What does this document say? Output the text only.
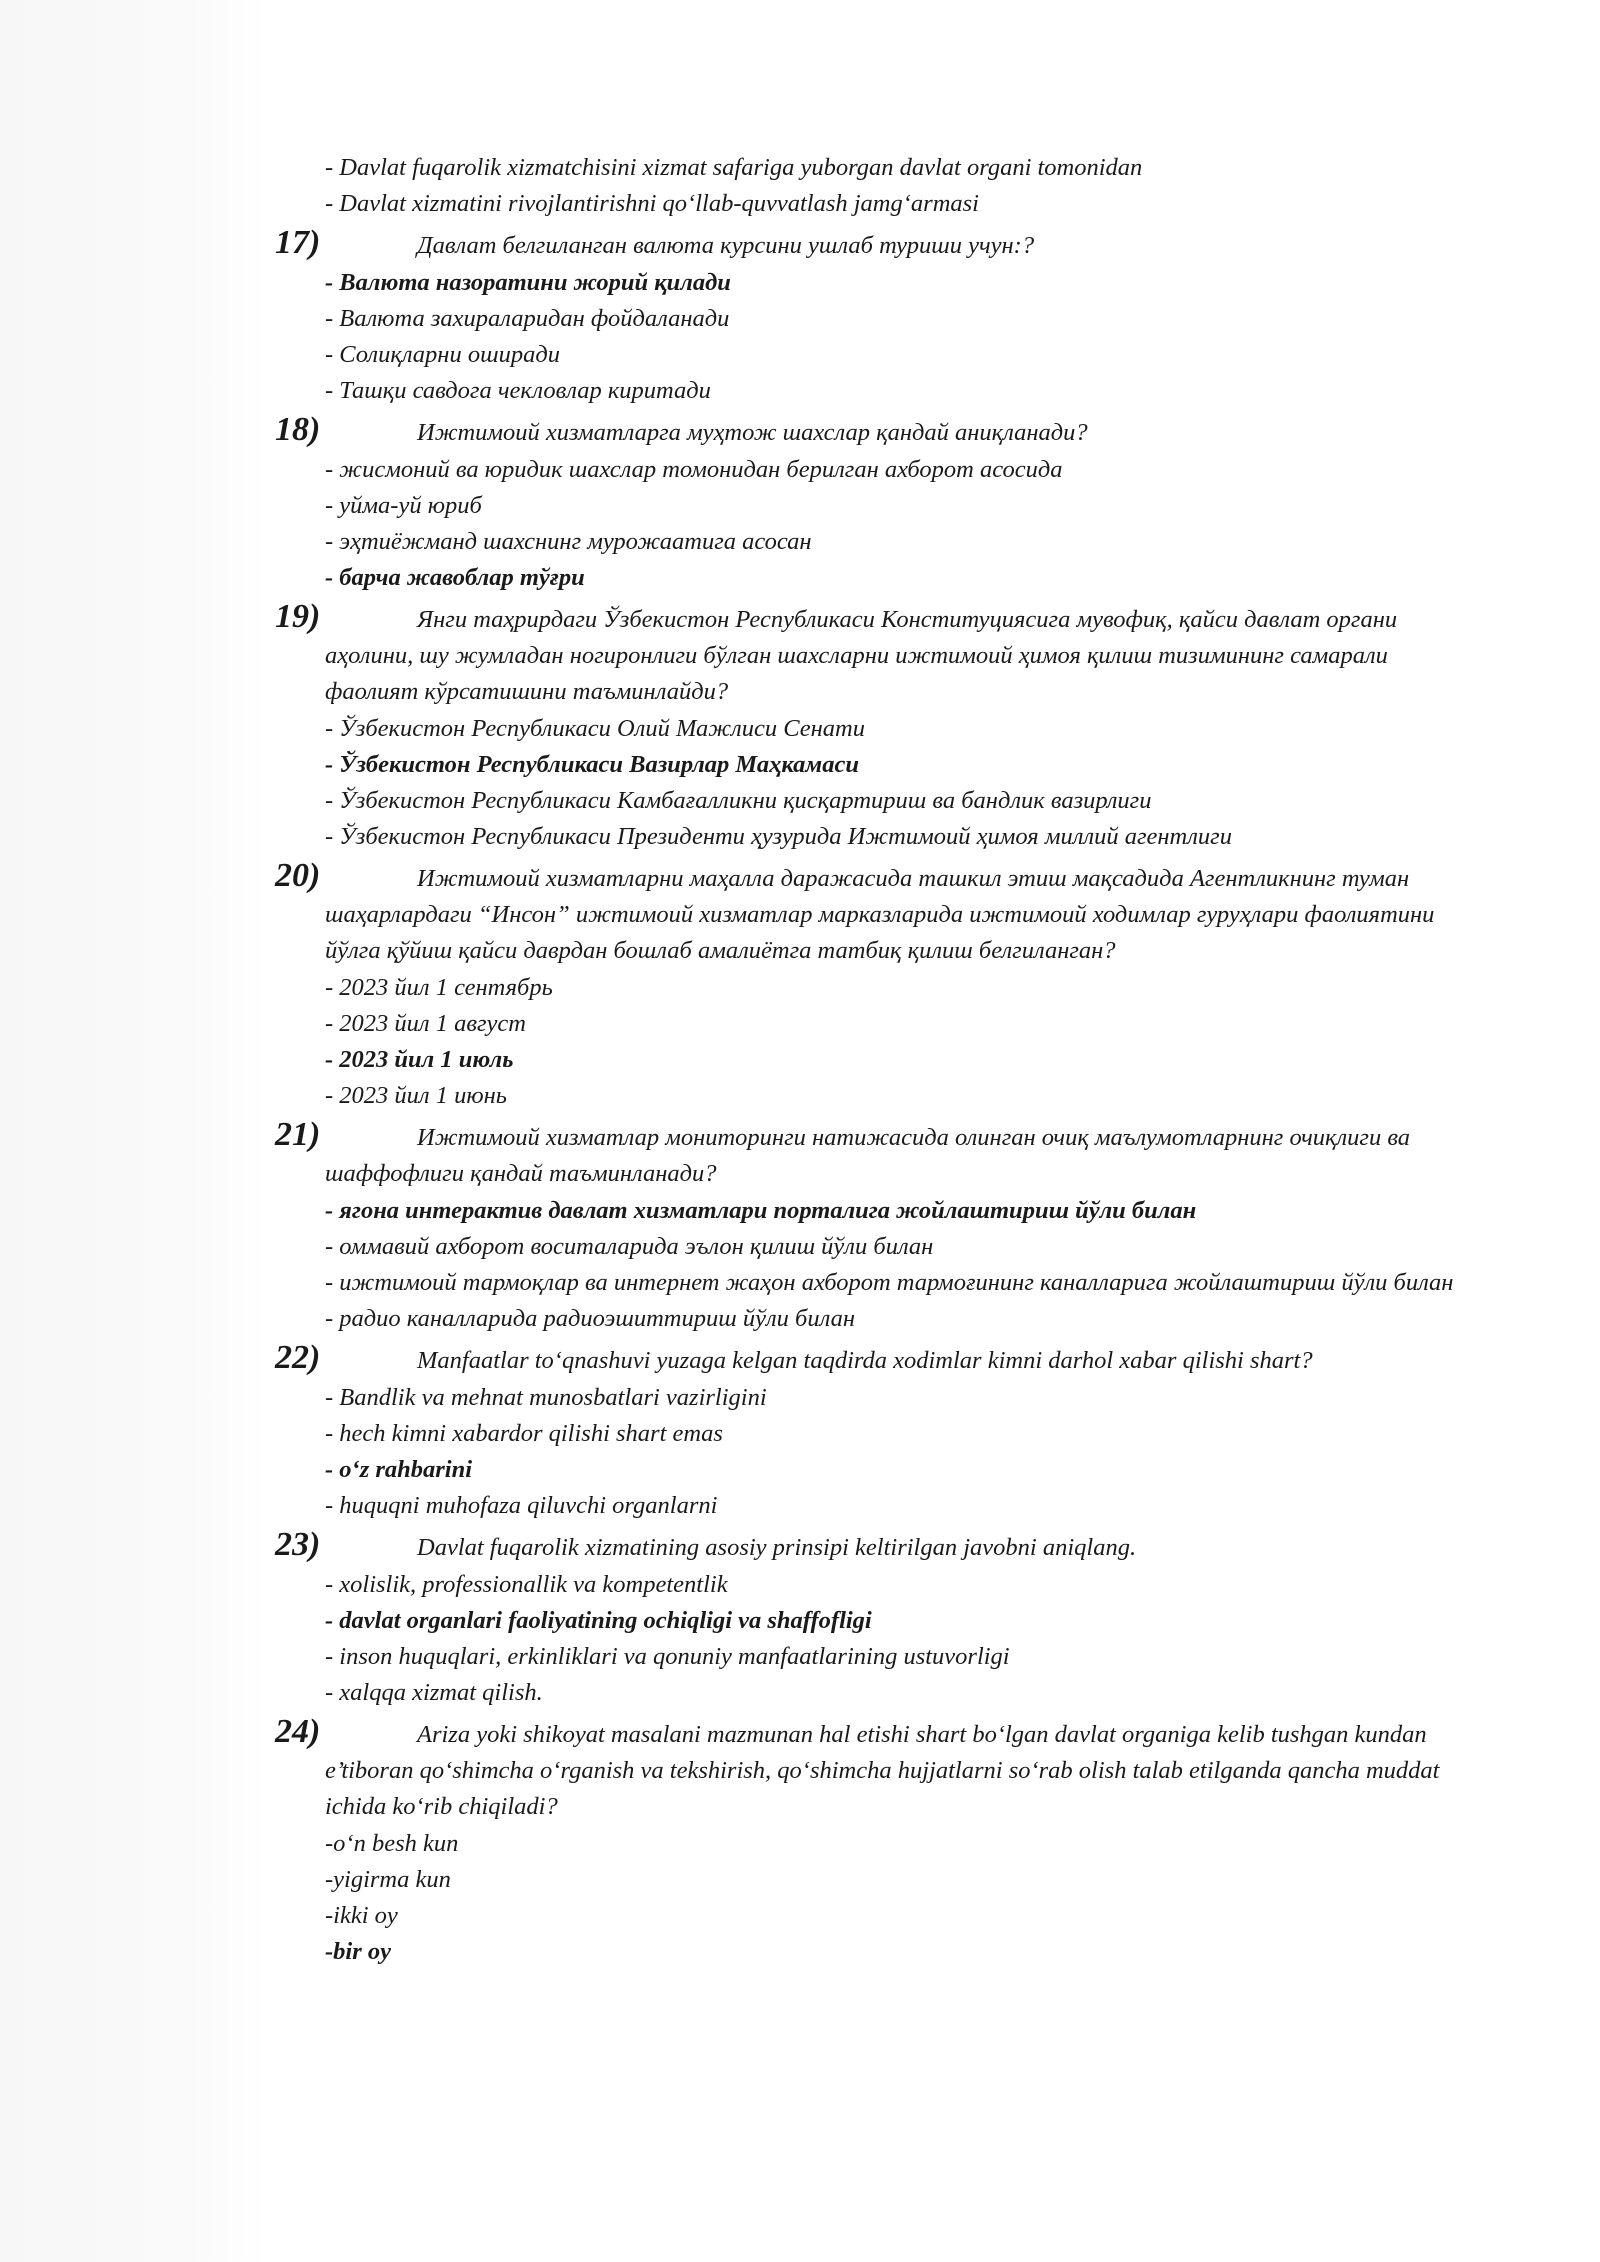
- Davlat fuqarolik xizmatchisini xizmat safariga yuborgan davlat organi tomonidan
- Davlat xizmatini rivojlantirishni qo‘llab-quvvatlash jamg‘armasi
17)	Давлат белгиланган валюта курсини ушлаб туриши учун:?
- Валюта назоратини жорий қилади
- Валюта захираларидан фойдаланади
- Солиқларни оширади
- Ташқи савдога чекловлар киритади
18)	Ижтимоий хизматларга муҳтож шахслар қандай аниқланади?
- жисмоний ва юридик шахслар томонидан берилган ахборот асосида
- уйма-уй юриб
- эҳтиёжманд шахснинг мурожаатига асосан
- барча жавоблар тўғри
19)	Янги таҳрирдаги Ўзбекистон Республикаси Конституциясига мувофиқ, қайси давлат органи аҳолини, шу жумладан ногиронлиги бўлган шахсларни ижтимоий ҳимоя қилиш тизимининг самарали фаолият кўрсатишини таъминлайди?
- Ўзбекистон Республикаси Олий Мажлиси Сенати
- Ўзбекистон Республикаси Вазирлар Маҳкамаси
- Ўзбекистон Республикаси Камбағалликни қисқартириш ва бандлик вазирлиги
- Ўзбекистон Республикаси Президенти ҳузурида Ижтимоий ҳимоя миллий агентлиги
20)	Ижтимоий хизматларни маҳалла даражасида ташкил этиш мақсадида Агентликнинг туман шаҳарлардаги “Инсон” ижтимоий хизматлар марказларида ижтимоий ходимлар гуруҳлари фаолиятини йўлга қўйиш қайси даврдан бошлаб амалиётга татбиқ қилиш белгиланган?
- 2023 йил 1 сентябрь
- 2023 йил 1 август
- 2023 йил 1 июль
- 2023 йил 1 июнь
21)	Ижтимоий хизматлар мониторинги натижасида олинган очиқ маълумотларнинг очиқлиги ва шаффофлиги қандай таъминланади?
- ягона интерактив давлат хизматлари порталига жойлаштириш йўли билан
- оммавий ахборот воситаларида эълон қилиш йўли билан
- ижтимоий тармоқлар ва интернет жаҳон ахборот тармоғининг каналларига жойлаштириш йўли билан
- радио каналларида радиоэшиттириш йўли билан
22)	Manfaatlar to‘qnashuvi yuzaga kelgan taqdirda xodimlar kimni darhol xabar qilishi shart?
- Bandlik va mehnat munosbatlari vazirligini
- hech kimni xabardor qilishi shart emas
- o‘z rahbarini
- huquqni muhofaza qiluvchi organlarni
23)	Davlat fuqarolik xizmatining asosiy prinsipi keltirilgan javobni aniqlang.
- xolislik, professionallik va kompetentlik
- davlat organlari faoliyatining ochiqligi va shaffofligi
- inson huquqlari, erkinliklari va qonuniy manfaatlarining ustuvorligi
- xalqqa xizmat qilish.
24)	Ariza yoki shikoyat masalani mazmunan hal etishi shart bo‘lgan davlat organiga kelib tushgan kundan e’tiboran qo‘shimcha o‘rganish va tekshirish, qo‘shimcha hujjatlarni so‘rab olish talab etilganda qancha muddat ichida ko‘rib chiqiladi?
-o‘n besh kun
-yigirma kun
-ikki oy
-bir oy
